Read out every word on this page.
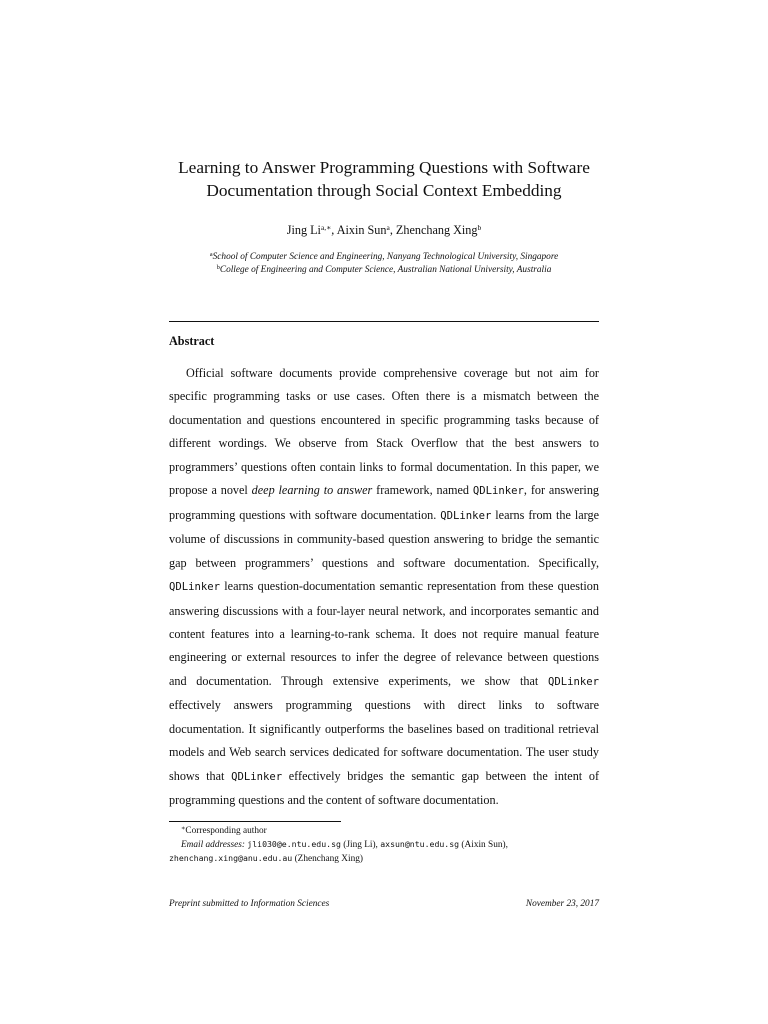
Learning to Answer Programming Questions with Software
Documentation through Social Context Embedding
Jing $Li^{a,∗}$, Aixin Sun$^a$, Zhenchang Xing$^b$
$^a$School of Computer Science and Engineering, Nanyang Technological University, Singapore
$^b$College of Engineering and Computer Science, Australian National University, Australia
Abstract
Official software documents provide comprehensive coverage but not aim for specific programming tasks or use cases. Often there is a mismatch between the documentation and questions encountered in specific programming tasks because of different wordings. We observe from Stack Overflow that the best answers to programmers’ questions often contain links to formal documentation. In this paper, we propose a novel deep learning to answer framework, named QDLinker, for answering programming questions with software documentation. QDLinker learns from the large volume of discussions in community-based question answering to bridge the semantic gap between programmers’ questions and software documentation. Specifically, QDLinker learns question-documentation semantic representation from these question answering discussions with a four-layer neural network, and incorporates semantic and content features into a learning-to-rank schema. It does not require manual feature engineering or external resources to infer the degree of relevance between questions and documentation. Through extensive experiments, we show that QDLinker effectively answers programming questions with direct links to software documentation. It significantly outperforms the baselines based on traditional retrieval models and Web search services dedicated for software documentation. The user study shows that QDLinker effectively bridges the semantic gap between the intent of programming questions and the content of software documentation.
∗Corresponding author
Email addresses: jli030@e.ntu.edu.sg (Jing Li), axsun@ntu.edu.sg (Aixin Sun),
zhenchang.xing@anu.edu.au (Zhenchang Xing)
Preprint submitted to Information Sciences	November 23, 2017
